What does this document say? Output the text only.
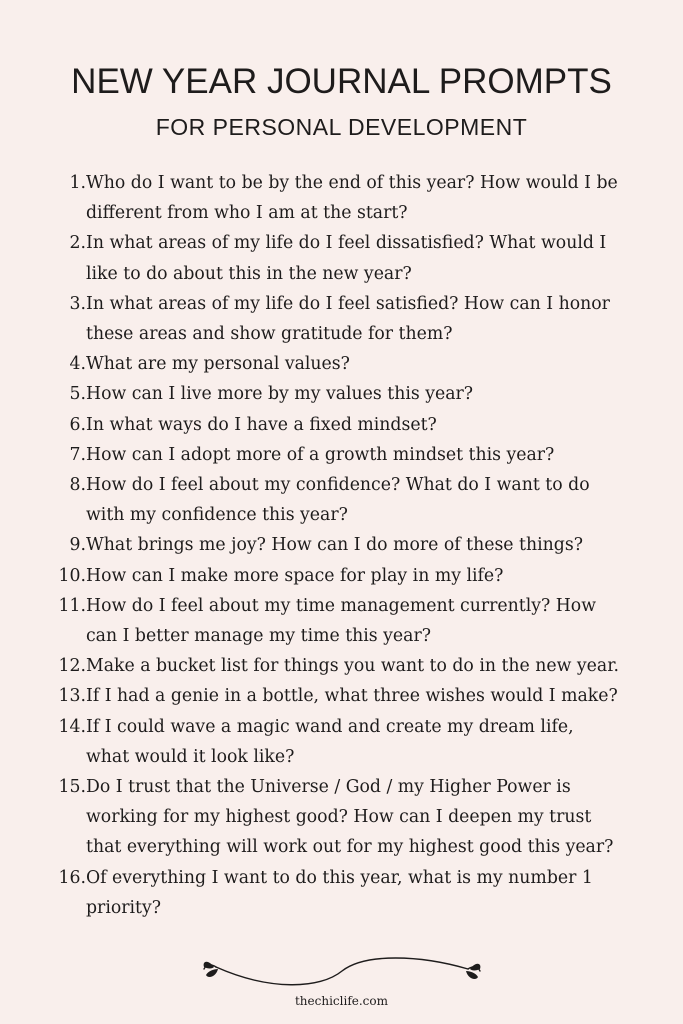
NEW YEAR JOURNAL PROMPTS
FOR PERSONAL DEVELOPMENT
1. Who do I want to be by the end of this year? How would I be
different from who I am at the start?
2. In what areas of my life do I feel dissatisfied? What would I
like to do about this in the new year?
3. In what areas of my life do I feel satisfied? How can I honor
these areas and show gratitude for them?
4. What are my personal values?
5. How can I live more by my values this year?
6. In what ways do I have a fixed mindset?
7. How can I adopt more of a growth mindset this year?
8. How do I feel about my confidence? What do I want to do
with my confidence this year?
9. What brings me joy? How can I do more of these things?
10. How can I make more space for play in my life?
11. How do I feel about my time management currently? How
can I better manage my time this year?
12. Make a bucket list for things you want to do in the new year.
13. If I had a genie in a bottle, what three wishes would I make?
14. If I could wave a magic wand and create my dream life,
what would it look like?
15. Do I trust that the Universe / God / my Higher Power is
working for my highest good? How can I deepen my trust
that everything will work out for my highest good this year?
16. Of everything I want to do this year, what is my number 1
priority?
thechiclife.com
